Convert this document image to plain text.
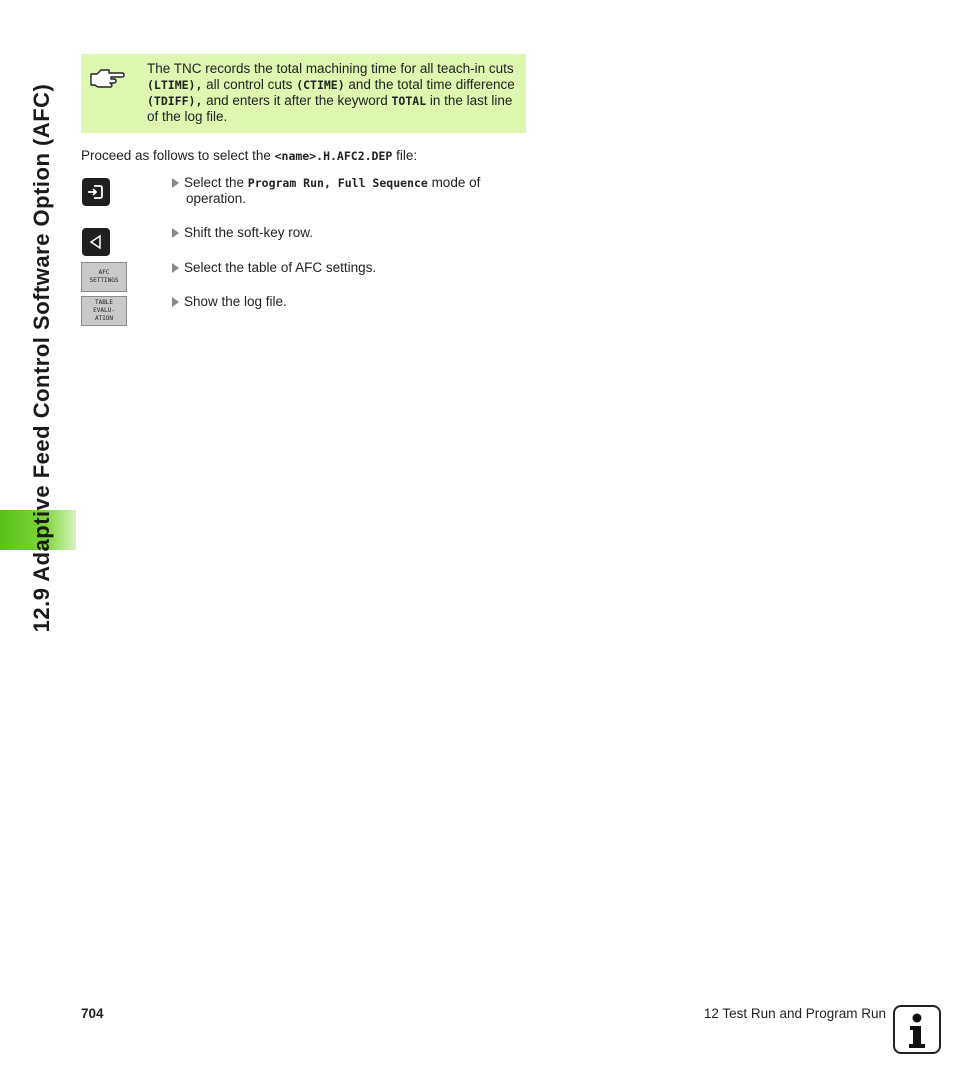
12.9 Adaptive Feed Control Software Option (AFC)
The TNC records the total machining time for all teach-in cuts (LTIME), all control cuts (CTIME) and the total time difference (TDIFF), and enters it after the keyword TOTAL in the last line of the log file.
Proceed as follows to select the <name>.H.AFC2.DEP file:
Select the Program Run, Full Sequence mode of
operation.
Shift the soft-key row.
AFC
SETTINGS
Select the table of AFC settings.
TABLE
EVALU-
ATION
Show the log file.
704	12 Test Run and Program Run
